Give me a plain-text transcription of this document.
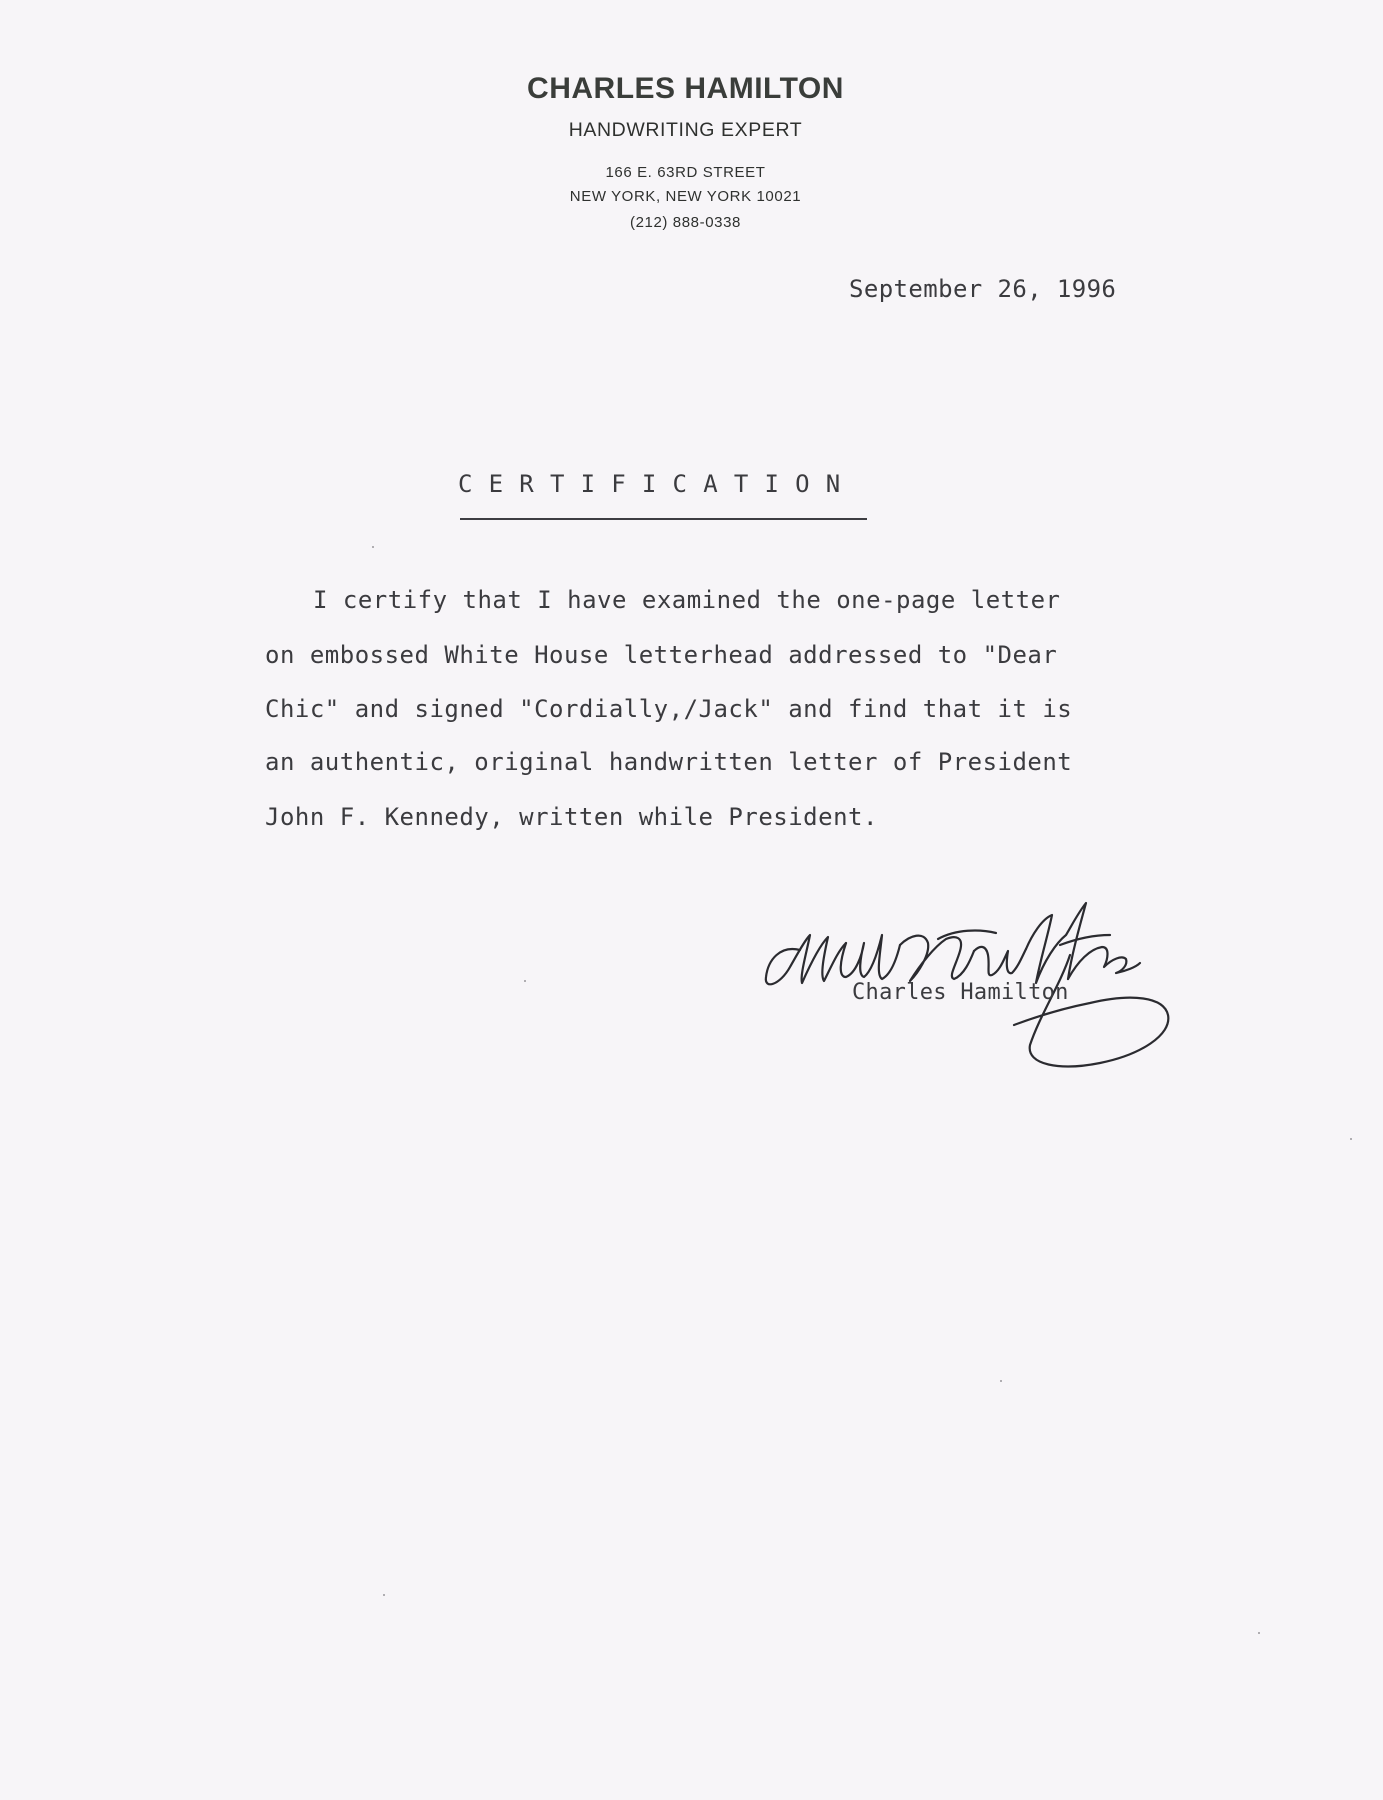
CHARLES HAMILTON
HANDWRITING EXPERT
166 E. 63RD STREET
NEW YORK, NEW YORK 10021
(212) 888-0338
September 26, 1996
CERTIFICATION
I certify that I have examined the one-page letter
on embossed White House letterhead addressed to "Dear
Chic" and signed "Cordially,/Jack" and find that it is
an authentic, original handwritten letter of President
John F. Kennedy, written while President.
Charles Hamilton
